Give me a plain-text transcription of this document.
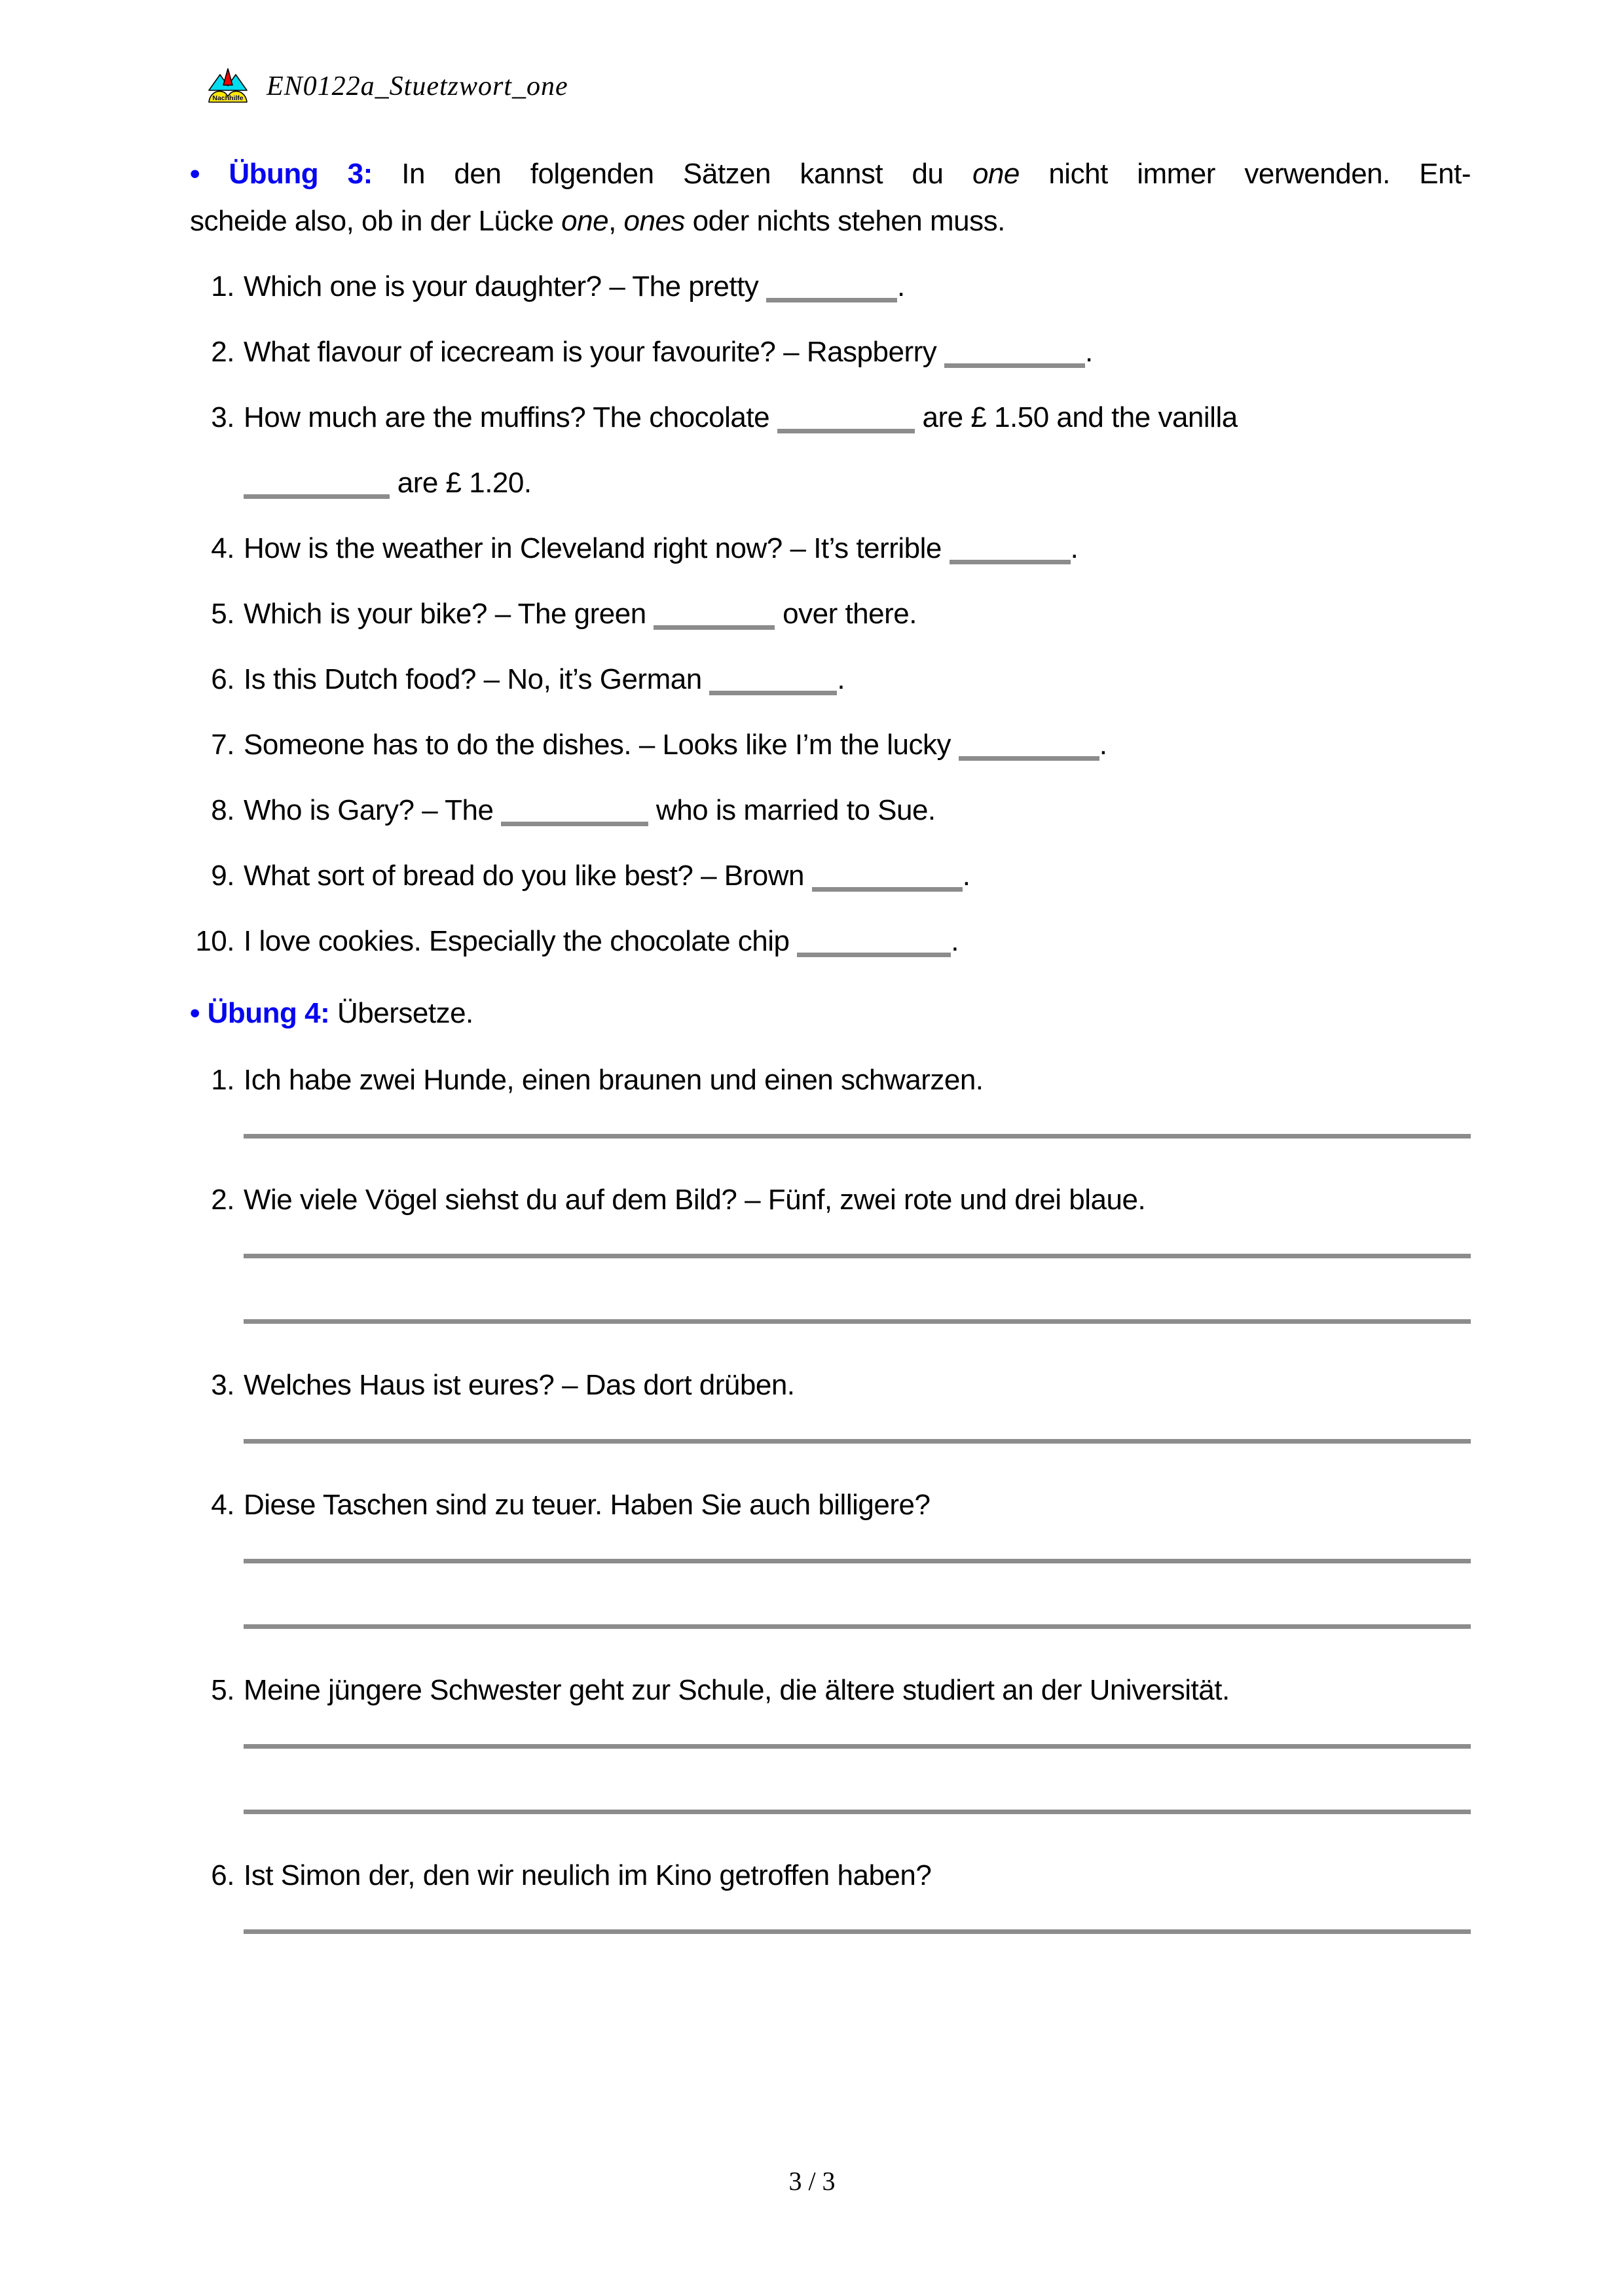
Nachhilfe EN0122a_Stuetzwort_one
• Übung 3: In den folgenden Sätzen kannst du one nicht immer verwenden. Ent-
scheide also, ob in der Lücke one, ones oder nichts stehen muss.
1. Which one is your daughter? – The pretty	.
2. What flavour of icecream is your favourite? – Raspberry	.
3. How much are the muffins? The chocolate	are £ 1.50 and the vanilla
are £ 1.20.
4. How is the weather in Cleveland right now? – It’s terrible	.
5. Which is your bike? – The green	over there.
6. Is this Dutch food? – No, it’s German	.
7. Someone has to do the dishes. – Looks like I’m the lucky	.
8. Who is Gary? – The	who is married to Sue.
9. What sort of bread do you like best? – Brown	.
10. I love cookies. Especially the chocolate chip	.
• Übung 4: Übersetze.
1. Ich habe zwei Hunde, einen braunen und einen schwarzen.
2. Wie viele Vögel siehst du auf dem Bild? – Fünf, zwei rote und drei blaue.
3. Welches Haus ist eures? – Das dort drüben.
4. Diese Taschen sind zu teuer. Haben Sie auch billigere?
5. Meine jüngere Schwester geht zur Schule, die ältere studiert an der Universität.
6. Ist Simon der, den wir neulich im Kino getroffen haben?
3 / 3
